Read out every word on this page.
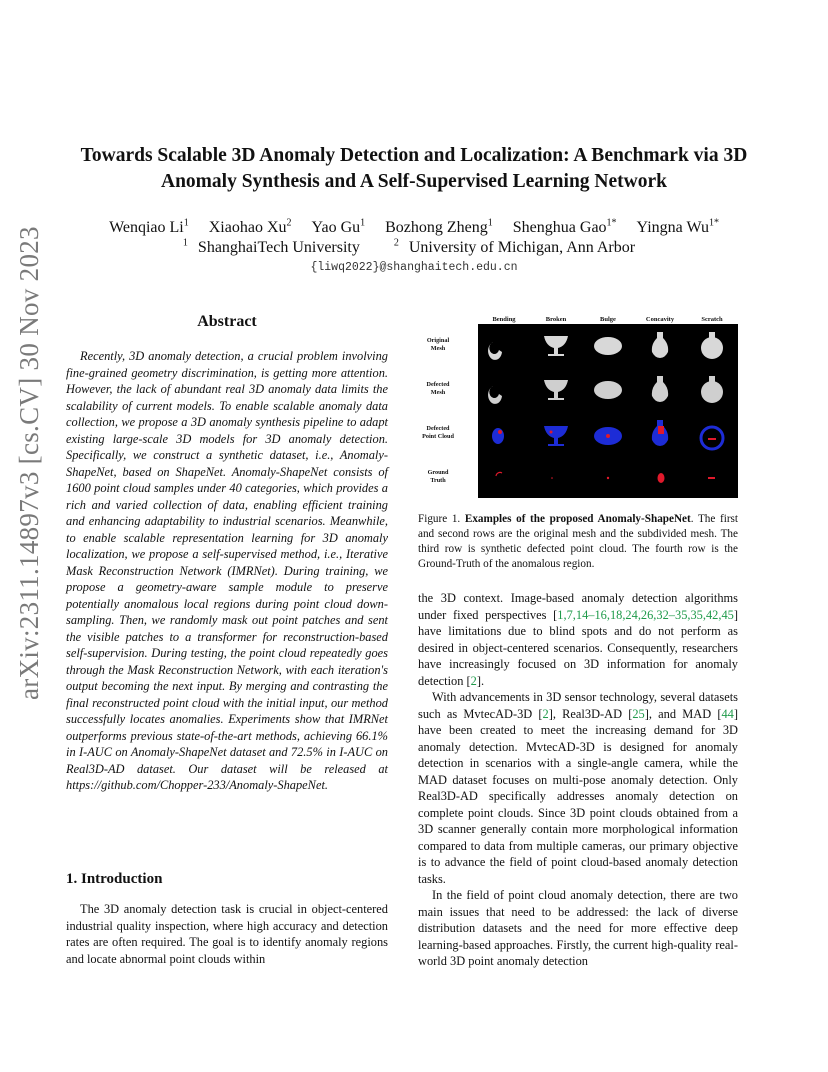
arXiv:2311.14897v3 [cs.CV] 30 Nov 2023
Towards Scalable 3D Anomaly Detection and Localization: A Benchmark via 3D Anomaly Synthesis and A Self-Supervised Learning Network
Wenqiao Li$^1$ Xiaohao Xu$^2$ Yao Gu$^1$ Bozhong Zheng$^1$ Shenghua Gao$^{1*}$ Yingna $Wu^{1*}$
$^1$ ShanghaiTech University	$^2$ University of Michigan, Ann Arbor
{liwq2022}@shanghaitech.edu.cn
Abstract

Recently, 3D anomaly detection, a crucial problem involving fine-grained geometry discrimination, is getting more attention. However, the lack of abundant real 3D anomaly data limits the scalability of current models. To enable scalable anomaly data collection, we propose a 3D anomaly synthesis pipeline to adapt existing large-scale 3D models for 3D anomaly detection. Specifically, we construct a synthetic dataset, i.e., Anomaly-ShapeNet, based on ShapeNet. Anomaly-ShapeNet consists of 1600 point cloud samples under 40 categories, which provides a rich and varied collection of data, enabling efficient training and enhancing adaptability to industrial scenarios. Meanwhile, to enable scalable representation learning for 3D anomaly localization, we propose a self-supervised method, i.e., Iterative Mask Reconstruction Network (IMRNet). During training, we propose a geometry-aware sample module to preserve potentially anomalous local regions during point cloud down-sampling. Then, we randomly mask out point patches and sent the visible patches to a transformer for reconstruction-based self-supervision. During testing, the point cloud repeatedly goes through the Mask Reconstruction Network, with each iteration's output becoming the next input. By merging and contrasting the final reconstructed point cloud with the initial input, our method successfully locates anomalies. Experiments show that IMRNet outperforms previous state-of-the-art methods, achieving 66.1% in I-AUC on Anomaly-ShapeNet dataset and 72.5% in I-AUC on Real3D-AD dataset. Our dataset will be released at https://github.com/Chopper-233/Anomaly-ShapeNet.

1. Introduction

The 3D anomaly detection task is crucial in object-centered industrial quality inspection, where high accuracy and detection rates are often required. The goal is to identify anomaly regions and locate abnormal point clouds within

Bending	Broken	Bulge	Concavity	Scratch
Original Mesh
Defected Mesh
Defected Point Cloud
Ground Truth

Figure 1. Examples of the proposed Anomaly-ShapeNet. The first and second rows are the original mesh and the subdivided mesh. The third row is synthetic defected point cloud. The fourth row is the Ground-Truth of the anomalous region.

the 3D context. Image-based anomaly detection algorithms under fixed perspectives [1,7,14–16,18,24,26,32–35,35,42,45] have limitations due to blind spots and do not perform as desired in object-centered scenarios. Consequently, researchers have increasingly focused on 3D information for anomaly detection [2].

With advancements in 3D sensor technology, several datasets such as MvtecAD-3D [2], Real3D-AD [25], and MAD [44] have been created to meet the increasing demand for 3D anomaly detection. MvtecAD-3D is designed for anomaly detection in scenarios with a single-angle camera, while the MAD dataset focuses on multi-pose anomaly detection. Only Real3D-AD specifically addresses anomaly detection on complete point clouds. Since 3D point clouds obtained from a 3D scanner generally contain more morphological information compared to data from multiple cameras, our primary objective is to advance the field of point cloud-based anomaly detection tasks.

In the field of point cloud anomaly detection, there are two main issues that need to be addressed: the lack of diverse distribution datasets and the need for more effective deep learning-based approaches. Firstly, the current high-quality real-world 3D point anomaly detection
